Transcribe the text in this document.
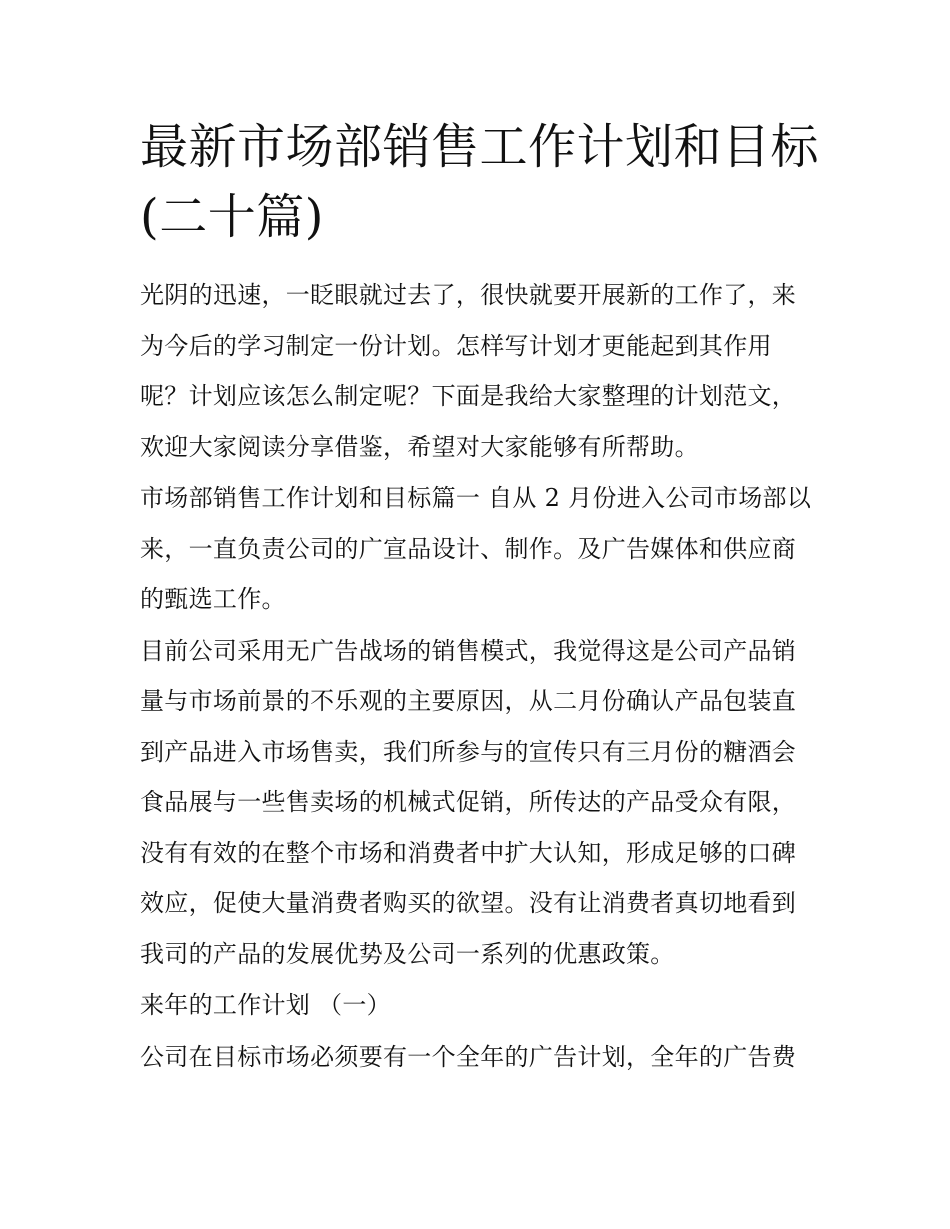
最新市场部销售工作计划和目标(二十篇)

光阴的迅速，一眨眼就过去了，很快就要开展新的工作了，来为今后的学习制定一份计划。怎样写计划才更能起到其作用呢？计划应该怎么制定呢？下面是我给大家整理的计划范文，欢迎大家阅读分享借鉴，希望对大家能够有所帮助。

市场部销售工作计划和目标篇一 自从 2 月份进入公司市场部以来，一直负责公司的广宣品设计、制作。及广告媒体和供应商的甄选工作。

目前公司采用无广告战场的销售模式，我觉得这是公司产品销量与市场前景的不乐观的主要原因，从二月份确认产品包装直到产品进入市场售卖，我们所参与的宣传只有三月份的糖酒会食品展与一些售卖场的机械式促销，所传达的产品受众有限，没有有效的在整个市场和消费者中扩大认知，形成足够的口碑效应，促使大量消费者购买的欲望。没有让消费者真切地看到我司的产品的发展优势及公司一系列的优惠政策。

来年的工作计划 （一）

公司在目标市场必须要有一个全年的广告计划，全年的广告费
